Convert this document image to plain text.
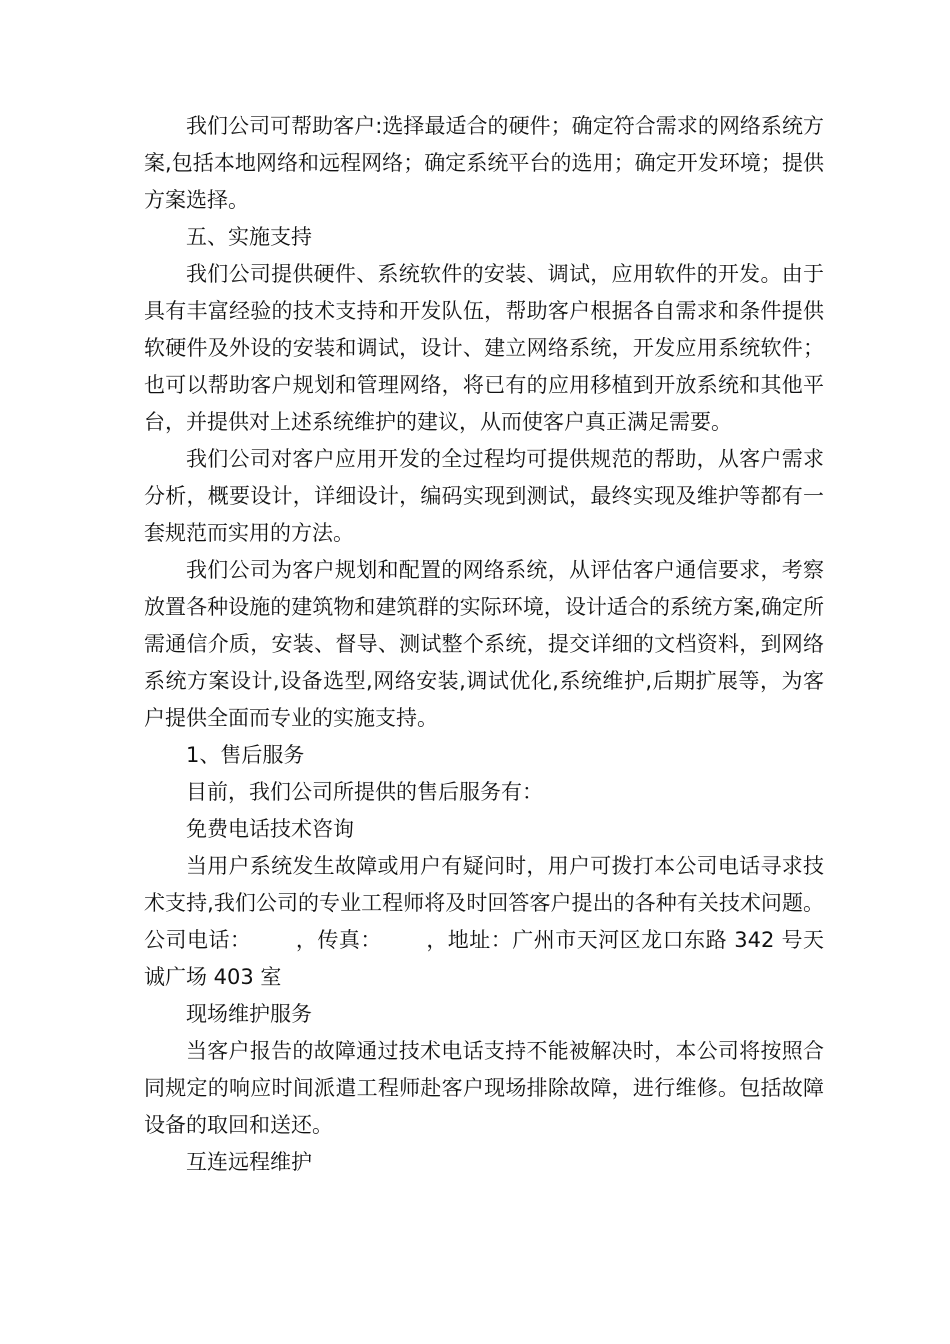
我们公司可帮助客户:选择最适合的硬件；确定符合需求的网络系统方案,包括本地网络和远程网络；确定系统平台的选用；确定开发环境；提供方案选择。

五、实施支持

我们公司提供硬件、系统软件的安装、调试，应用软件的开发。由于具有丰富经验的技术支持和开发队伍，帮助客户根据各自需求和条件提供软硬件及外设的安装和调试，设计、建立网络系统，开发应用系统软件；也可以帮助客户规划和管理网络，将已有的应用移植到开放系统和其他平台，并提供对上述系统维护的建议，从而使客户真正满足需要。

我们公司对客户应用开发的全过程均可提供规范的帮助，从客户需求分析，概要设计，详细设计，编码实现到测试，最终实现及维护等都有一套规范而实用的方法。

我们公司为客户规划和配置的网络系统，从评估客户通信要求，考察放置各种设施的建筑物和建筑群的实际环境，设计适合的系统方案,确定所需通信介质，安装、督导、测试整个系统，提交详细的文档资料，到网络系统方案设计,设备选型,网络安装,调试优化,系统维护,后期扩展等，为客户提供全面而专业的实施支持。

1、售后服务

目前，我们公司所提供的售后服务有：

免费电话技术咨询

当用户系统发生故障或用户有疑问时，用户可拨打本公司电话寻求技术支持,我们公司的专业工程师将及时回答客户提出的各种有关技术问题。公司电话： ，传真： ，地址：广州市天河区龙口东路 342 号天诚广场 403 室

现场维护服务

当客户报告的故障通过技术电话支持不能被解决时，本公司将按照合同规定的响应时间派遣工程师赴客户现场排除故障，进行维修。包括故障设备的取回和送还。

互连远程维护
